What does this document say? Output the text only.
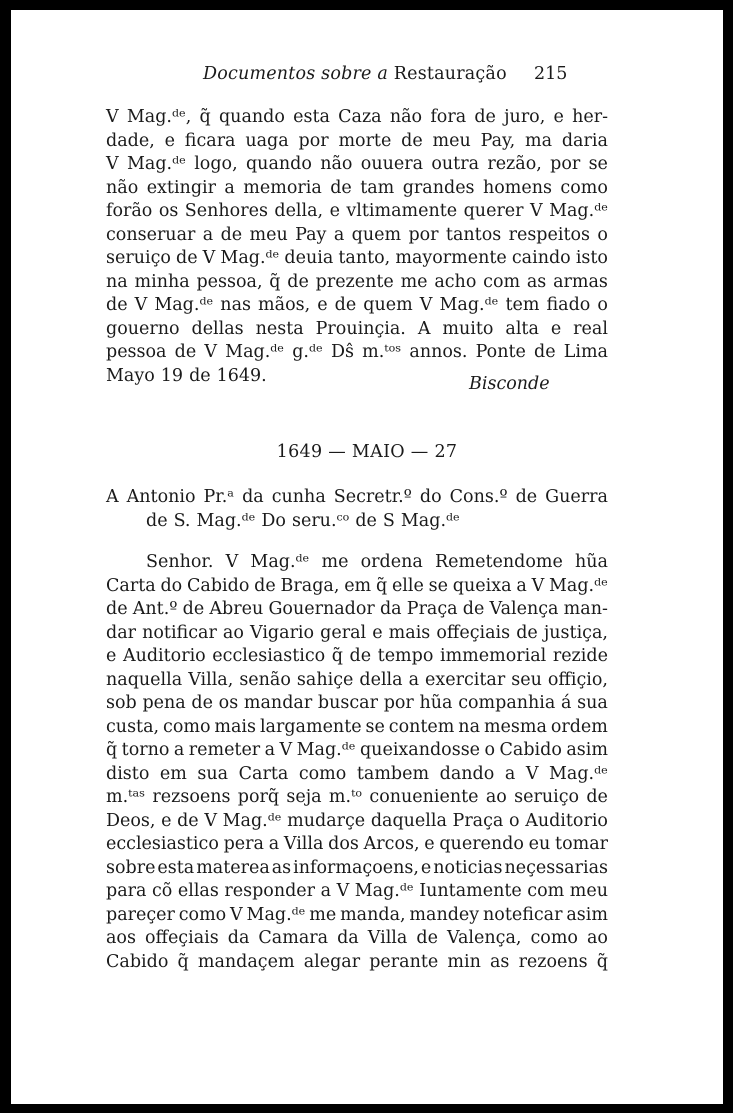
Documentos sobre a Restauração 215
V Mag.ᵈᵉ, q̃ quando esta Caza não fora de juro, e her-
dade, e ficara uaga por morte de meu Pay, ma daria
V Mag.ᵈᵉ logo, quando não ouuera outra rezão, por se
não extingir a memoria de tam grandes homens como
forão os Senhores della, e vltimamente querer V Mag.ᵈᵉ
conseruar a de meu Pay a quem por tantos respeitos o
seruiço de V Mag.ᵈᵉ deuia tanto, mayormente caindo isto
na minha pessoa, q̃ de prezente me acho com as armas
de V Mag.ᵈᵉ nas mãos, e de quem V Mag.ᵈᵉ tem fiado o
gouerno dellas nesta Prouinçia. A muito alta e real
pessoa de V Mag.ᵈᵉ g.ᵈᵉ Dŝ m.ᵗᵒˢ annos. Ponte de Lima
Mayo 19 de 1649.	Bisconde
1649 — MAIO — 27
A Antonio Pr.ᵃ da cunha Secretr.º do Cons.º de Guerra
de S. Mag.ᵈᵉ Do seru.ᶜᵒ de S Mag.ᵈᵉ
Senhor. V Mag.ᵈᵉ me ordena Remetendome hũa
Carta do Cabido de Braga, em q̃ elle se queixa a V Mag.ᵈᵉ
de Ant.º de Abreu Gouernador da Praça de Valença man-
dar notificar ao Vigario geral e mais offeçiais de justiça,
e Auditorio ecclesiastico q̃ de tempo immemorial rezide
naquella Villa, senão sahiçe della a exercitar seu offiçio,
sob pena de os mandar buscar por hũa companhia á sua
custa, como mais largamente se contem na mesma ordem
q̃ torno a remeter a V Mag.ᵈᵉ queixandosse o Cabido asim
disto em sua Carta como tambem dando a V Mag.ᵈᵉ
m.ᵗᵃˢ rezsoens porq̃ seja m.ᵗᵒ conueniente ao seruiço de
Deos, e de V Mag.ᵈᵉ mudarçe daquella Praça o Auditorio
ecclesiastico pera a Villa dos Arcos, e querendo eu tomar
sobre esta materea as informaçoens, e noticias neçessarias
para cõ ellas responder a V Mag.ᵈᵉ Iuntamente com meu
pareçer como V Mag.ᵈᵉ me manda, mandey noteficar asim
aos offeçiais da Camara da Villa de Valença, como ao
Cabido q̃ mandaçem alegar perante min as rezoens q̃
